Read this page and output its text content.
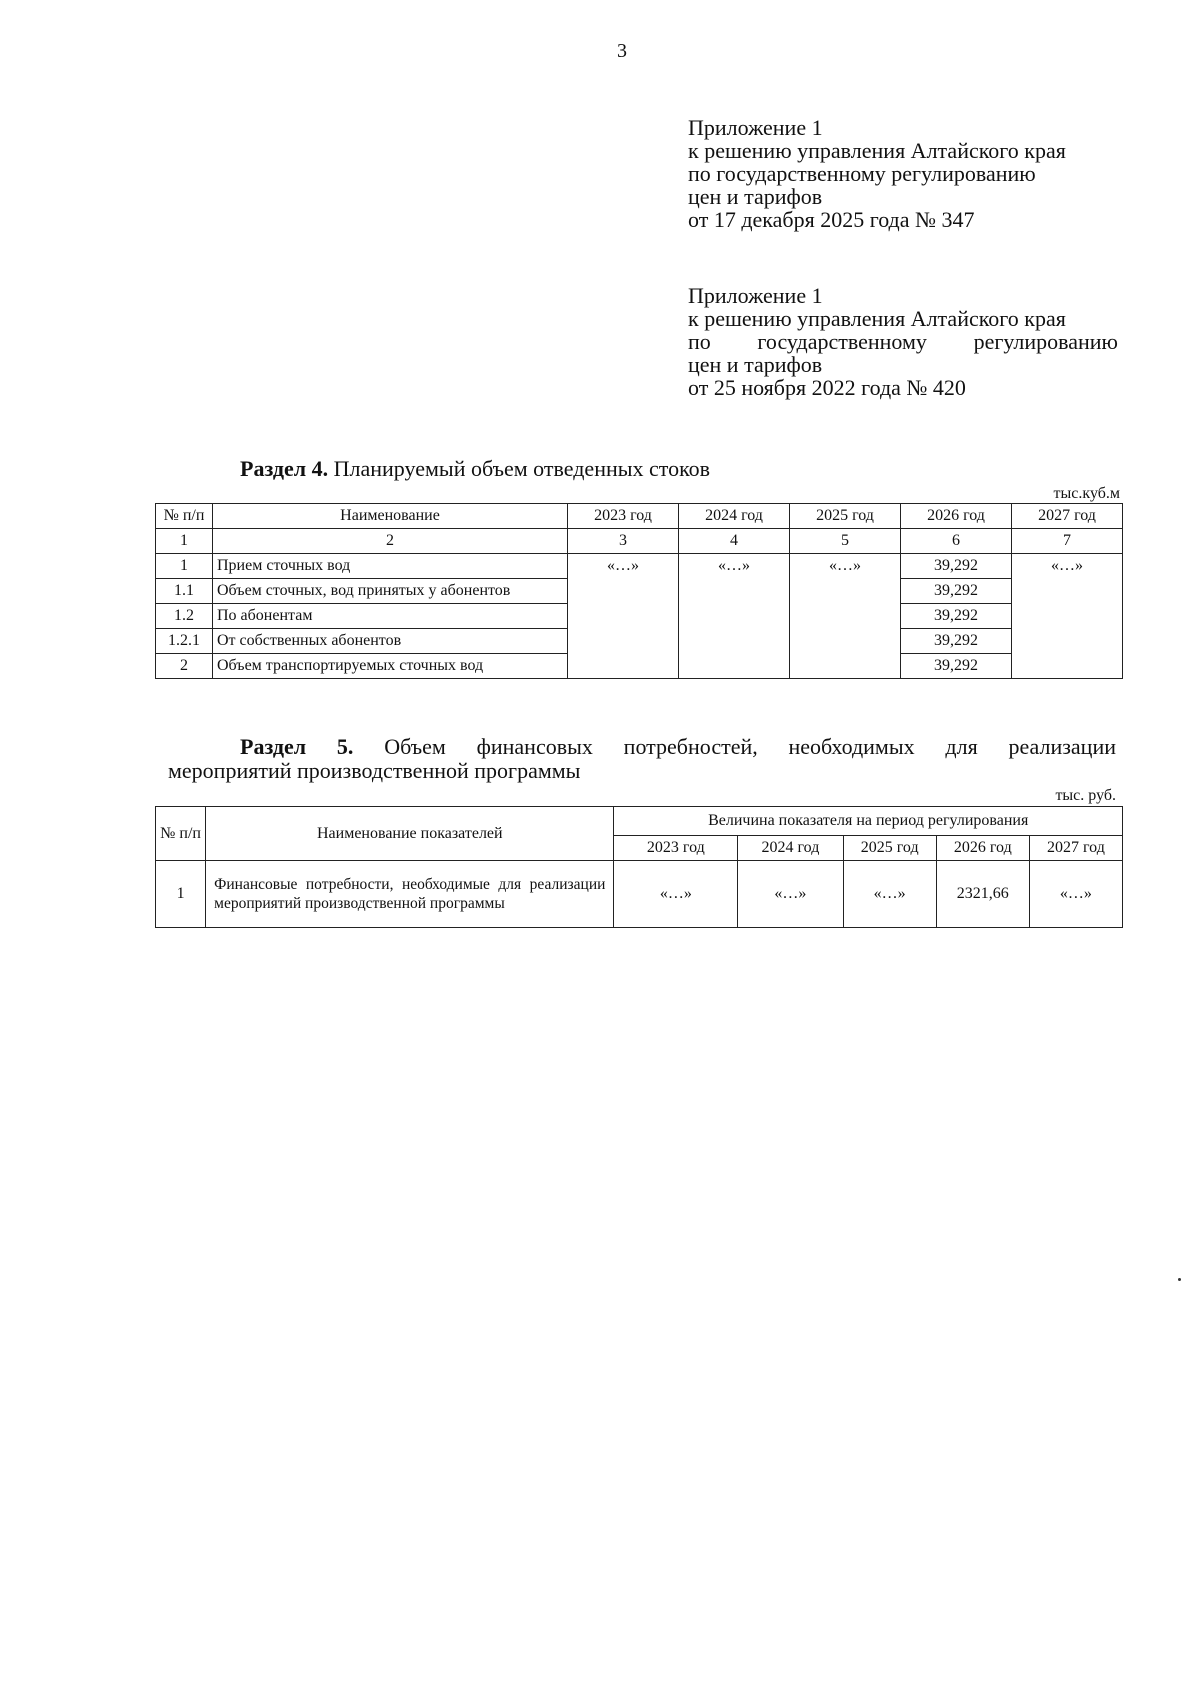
3
Приложение 1
к решению управления Алтайского края
по государственному регулированию
цен и тарифов
от 17 декабря 2025 года № 347
Приложение 1
к решению управления Алтайского края
по государственному регулированию
цен и тарифов
от 25 ноября 2022 года № 420
Раздел 4. Планируемый объем отведенных стоков
тыс.куб.м
№ п/п	Наименование	2023 год	2024 год	2025 год	2026 год	2027 год
1	2	3	4	5	6	7
1	Прием сточных вод	«…»	«…»	«…»	39,292	«…»
1.1	Объем сточных, вод принятых у абонентов				39,292	
1.2	По абонентам				39,292	
1.2.1	От собственных абонентов				39,292	
2	Объем транспортируемых сточных вод				39,292	
Раздел 5. Объем финансовых потребностей, необходимых для реализации
мероприятий производственной программы
тыс. руб.
№ п/п	Наименование показателей	Величина показателя на период регулирования				
		2023 год	2024 год	2025 год	2026 год	2027 год
1	Финансовые потребности, необходимые для реализации мероприятий производственной программы	«…»	«…»	«…»	2321,66	«…»
